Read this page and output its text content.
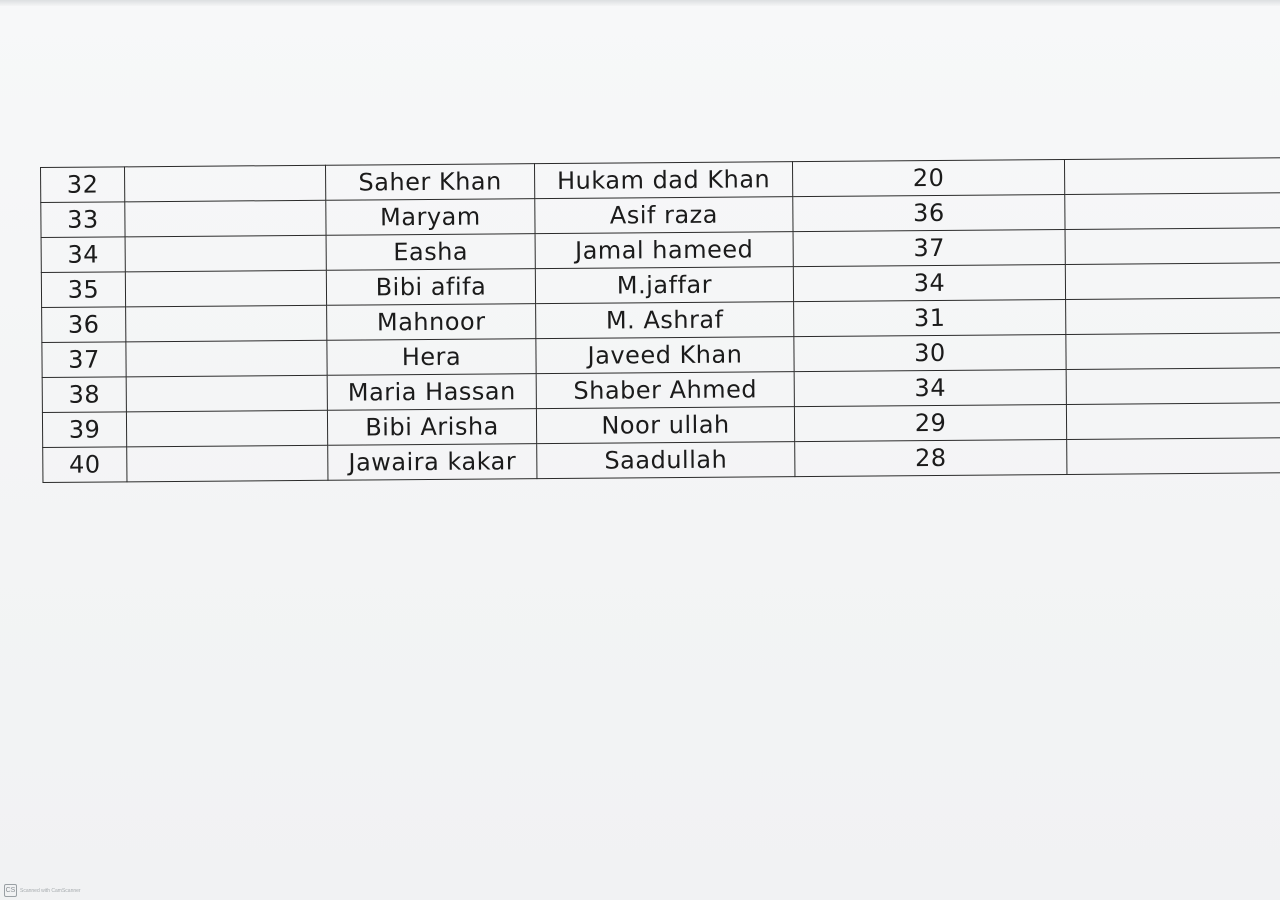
32		Saher Khan	Hukam dad Khan	20	
33		Maryam	Asif raza	36	
34		Easha	Jamal hameed	37	
35		Bibi afifa	M.jaffar	34	
36		Mahnoor	M. Ashraf	31	
37		Hera	Javeed Khan	30	
38		Maria Hassan	Shaber Ahmed	34	
39		Bibi Arisha	Noor ullah	29	
40		Jawaira kakar	Saadullah	28	
CS Scanned with CamScanner
